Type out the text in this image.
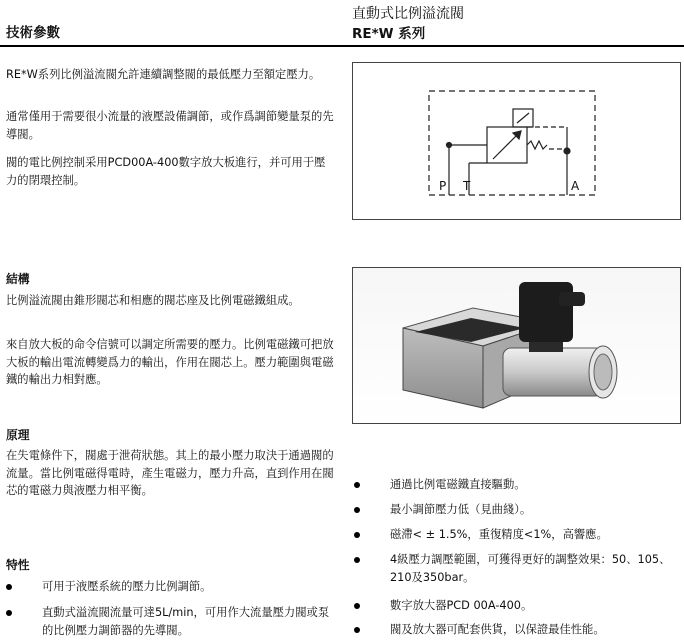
技術參數
直動式比例溢流閥
RE*W 系列
RE*W系列比例溢流閥允許連續調整閥的最低壓力至額定壓力。
通常僅用于需要很小流量的液壓設備調節，或作爲調節變量泵的先導閥。
閥的電比例控制采用PCD00A-400數字放大板進行，并可用于壓力的閉環控制。	P T	A
結構
比例溢流閥由錐形閥芯和相應的閥芯座及比例電磁鐵組成。
來自放大板的命令信號可以調定所需要的壓力。比例電磁鐵可把放大板的輸出電流轉變爲力的輸出，作用在閥芯上。壓力範圍與電磁鐵的輸出力相對應。
原理
在失電條件下，閥處于泄荷狀態。其上的最小壓力取決于通過閥的流量。當比例電磁得電時，產生電磁力，壓力升高，直到作用在閥芯的電磁力與液壓力相平衡。
特性
可用于液壓系統的壓力比例調節。
直動式溢流閥流量可達5L/min，可用作大流量壓力閥或泵的比例壓力調節器的先導閥。
通過比例電磁鐵直接驅動。
最小調節壓力低（見曲綫）。
磁滯< ± 1.5%，重復精度<1%，高響應。
4級壓力調壓範圍，可獲得更好的調整效果：50、105、210及350bar。
數字放大器PCD 00A-400。
閥及放大器可配套供貨，以保證最佳性能。
